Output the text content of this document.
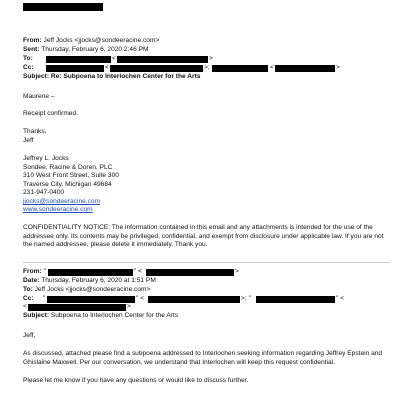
From: Jeff Jocks <jjocks@sondeeracine.com>
Sent: Thursday, February 6, 2020 2:46 PM
To:	<	>
Cc:	<	>;	<	>
Subject: Re: Subpoena to Interlochen Center for the Arts
Maurene –
Receipt confirmed.
Thanks,
Jeff
Jeffrey L. Jocks
Sondee, Racine & Doren, PLC
310 West Front Street, Suite 300
Traverse City, Michigan 49684
231-947-0400
jjocks@sondeeracine.com
www.sondeeracine.com
CONFIDENTIALITY NOTICE: The information contained in this email and any attachments is intended for the use of the addressee only. Its contents may be privileged, confidential, and exempt from disclosure under applicable law. If you are not the named addressee, please delete it immediately. Thank you.
From: "	" <	>
Date: Thursday, February 6, 2020 at 1:51 PM
To: Jeff Jocks <jjocks@sondeeracine.com>
Cc: "	" <	>; "	" <
<	>
Subject: Subpoena to Interlochen Center for the Arts
Jeff,
As discussed, attached please find a subpoena addressed to Interlochen seeking information regarding Jeffrey Epstein and Ghislaine Maxwell. Per our conversation, we understand that Interlochen will keep this request confidential.
Please let me know if you have any questions or would like to discuss further.
